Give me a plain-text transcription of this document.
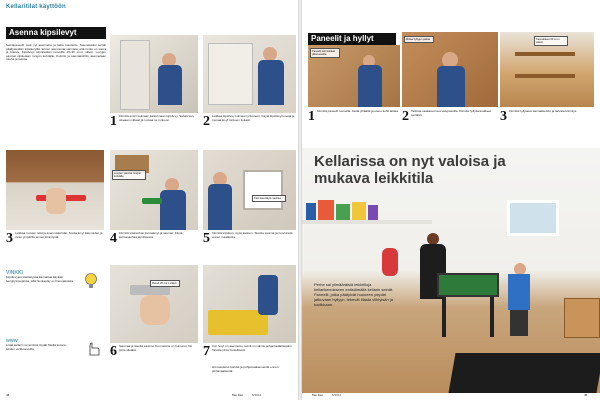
Kellaritilat käyttöön
Asenna kipsilevyt
Seinäpaneelit ovat nyt asennettu ja lattia tasoitettu. Seuraavaksi seinät päällystetään kipsilevyillä. Ennen asennusta varmista, että runko on suora ja tukeva. Kipsilevyt kiinnitetään ruuveilla 20–30 cm:n välein. Levyjen saumat sijoitetaan rungon kohdalle. Kulmiin ja saumakohtiin asennetaan nauha ja tasoite.
1 Kiinnitä ensin kulmaan kattorimaan kipsilevy. Sahaa levy oikeaan mittaan ja ruuvaa se runkoon.	2 Leikkaa kipsilevy kolmeen pituuteen. Käytä kipsilevyruuveja ja ruuvaa levyt runkoon tiukasti.
Levyjen saumat rungon kohdalle
Kulmissa käytä nauhaa
3 Leikkaa ruuvien reiät ja asennuskohdat. Sovita levyt ikkunoiden ja ovien ympärille ennen kiinnitystä.	4 Kiinnitä sisänurkan kulmalevyt ja saumat. Käytä kulmanauhaa tarvittaessa.	5 Kiinnitä kipsilevy myös kattoon. Tasoita saumat ja ruuvinreiät ennen maalausta.
VINKKI
Kipsilevyjen käsittelyssä kannattaa käyttää hengityssuojainta, sillä hiontapöly on hienojakoista.
www
Lisää kellarin remontista löydät Meillä kotona -lehden verkkosivuilta.
Ruuvit 20 cm:n välein
6 Saumaa ja tasoita saumat. Kun tasoite on kuivunut, hio pinta sileäksi.	7 Kun levyt on asennettu, seinä on valmis pohjamaalattavaksi. Tasoita pinta huolellisesti.
Hio tasoitetut kohdat ja pohjamaalaa seinät ennen pintamaalausta.
44	Tee Itse	9/2012
Paneelit ja hyllyt
Paneelit kiinnitetään piiloruuveilla
Mittaa hyllyjen paikat	Kannakkeet 60 cm:n välein
1 Kiinnitä paneelit ruuveilla. Aloita ylhäältä ja etene kohti lattiaa. 2 Tarkista vaakasuoruus vatupassilla. Kiinnitä hyllykannakkeet seinään.	3 Kiinnitä hyllytasot kannakkeisiin ja tarkista kiinnitys.
Kellarissa on nyt valoisa ja mukava leikkitila
Perhe sai ylimääräisiä leikkitiloja kellarikerrokseen entisöimällä kellarin seinät. Paneelit, jotka päätyivät huoneen ympäri jatkuvaan hyllyyn, tekevät tilasta viihtyisän ja kodikkaan.
Tee Itse	9/2012	45
